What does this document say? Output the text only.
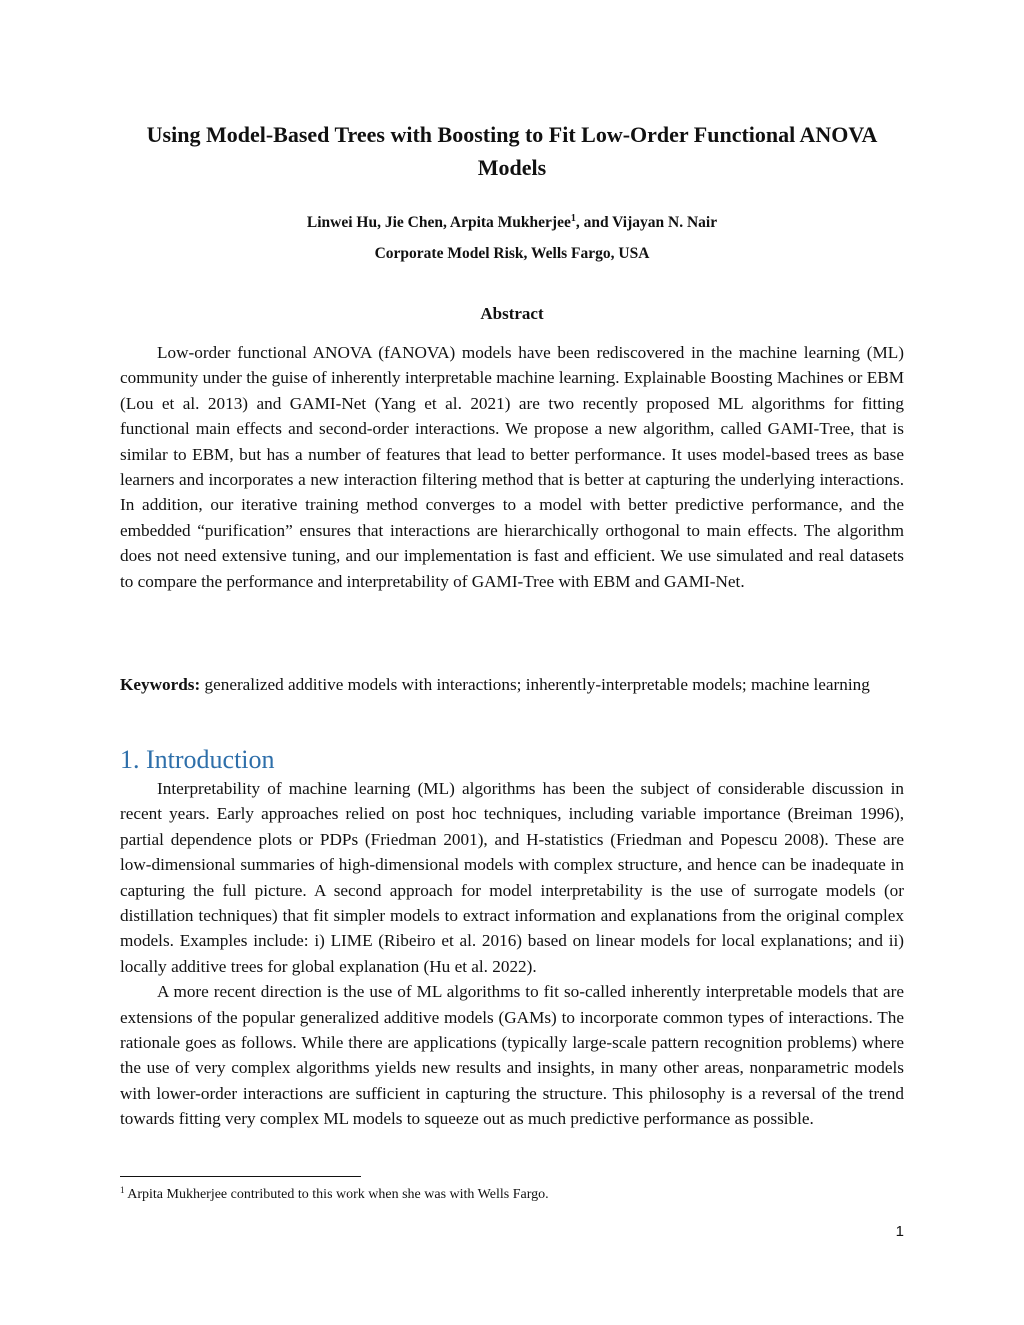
Using Model-Based Trees with Boosting to Fit Low-Order Functional ANOVA Models
Linwei Hu, Jie Chen, Arpita Mukherjee$^1$, and Vijayan N. Nair
Corporate Model Risk, Wells Fargo, USA
Abstract

Low-order functional ANOVA (fANOVA) models have been rediscovered in the machine learning (ML) community under the guise of inherently interpretable machine learning. Explainable Boosting Machines or EBM (Lou et al. 2013) and GAMI-Net (Yang et al. 2021) are two recently proposed ML algorithms for fitting functional main effects and second-order interactions. We propose a new algorithm, called GAMI-Tree, that is similar to EBM, but has a number of features that lead to better performance. It uses model-based trees as base learners and incorporates a new interaction filtering method that is better at capturing the underlying interactions. In addition, our iterative training method converges to a model with better predictive performance, and the embedded “purification” ensures that interactions are hierarchically orthogonal to main effects. The algorithm does not need extensive tuning, and our implementation is fast and efficient. We use simulated and real datasets to compare the performance and interpretability of GAMI-Tree with EBM and GAMI-Net.

Keywords: generalized additive models with interactions; inherently-interpretable models; machine learning

1. Introduction

Interpretability of machine learning (ML) algorithms has been the subject of considerable discussion in recent years. Early approaches relied on post hoc techniques, including variable importance (Breiman 1996), partial dependence plots or PDPs (Friedman 2001), and H-statistics (Friedman and Popescu 2008). These are low-dimensional summaries of high-dimensional models with complex structure, and hence can be inadequate in capturing the full picture. A second approach for model interpretability is the use of surrogate models (or distillation techniques) that fit simpler models to extract information and explanations from the original complex models. Examples include: i) LIME (Ribeiro et al. 2016) based on linear models for local explanations; and ii) locally additive trees for global explanation (Hu et al. 2022).

A more recent direction is the use of ML algorithms to fit so-called inherently interpretable models that are extensions of the popular generalized additive models (GAMs) to incorporate common types of interactions. The rationale goes as follows. While there are applications (typically large-scale pattern recognition problems) where the use of very complex algorithms yields new results and insights, in many other areas, nonparametric models with lower-order interactions are sufficient in capturing the structure. This philosophy is a reversal of the trend towards fitting very complex ML models to squeeze out as much predictive performance as possible.

$^1$ Arpita Mukherjee contributed to this work when she was with Wells Fargo.
1
